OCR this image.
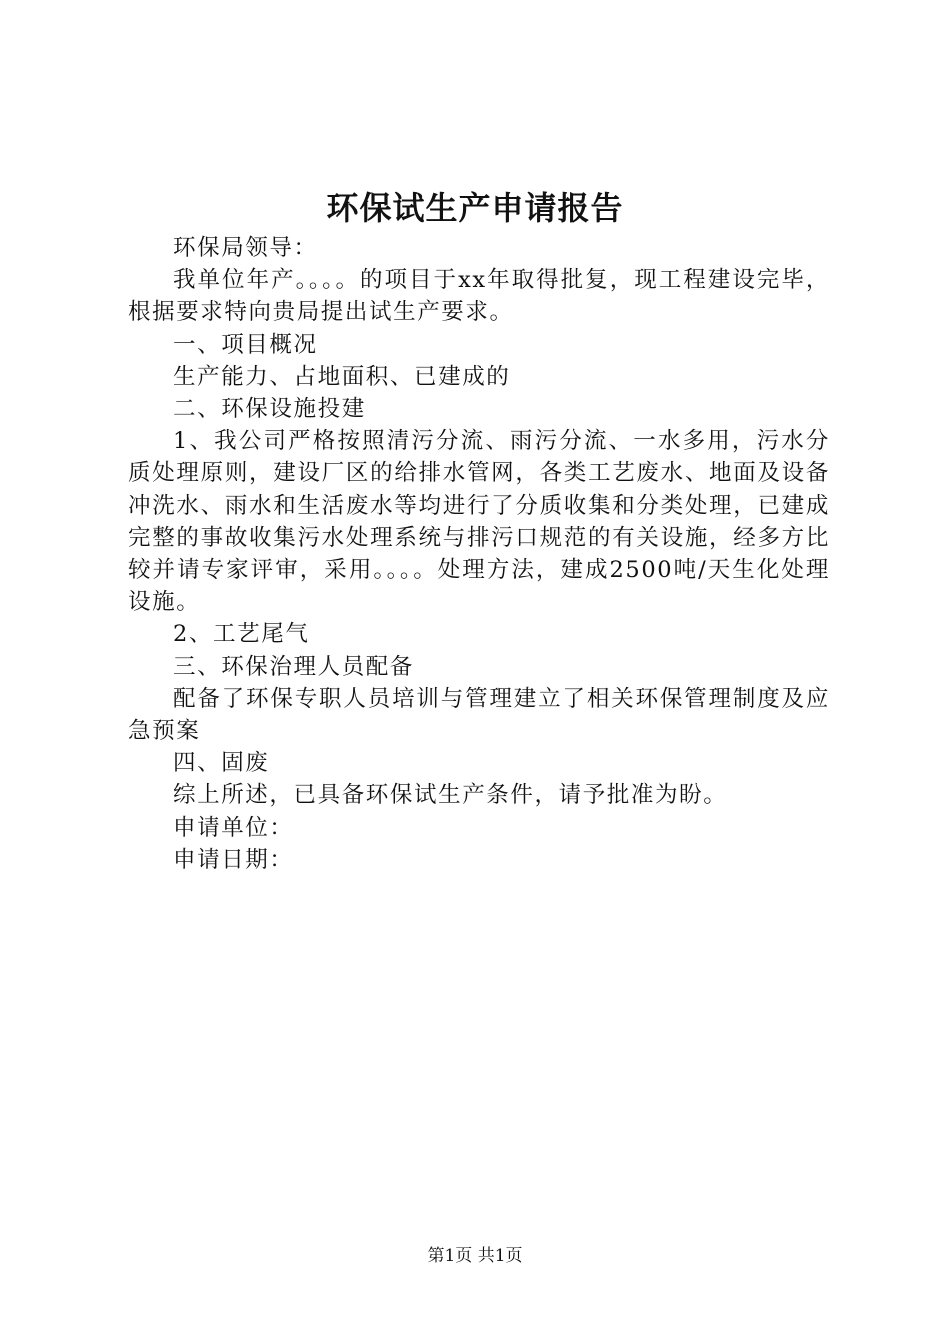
环保试生产申请报告

环保局领导：

我单位年产。。。。的项目于xx年取得批复，现工程建设完毕，根据要求特向贵局提出试生产要求。

一、项目概况

生产能力、占地面积、已建成的

二、环保设施投建

1、我公司严格按照清污分流、雨污分流、一水多用，污水分质处理原则，建设厂区的给排水管网，各类工艺废水、地面及设备冲洗水、雨水和生活废水等均进行了分质收集和分类处理，已建成完整的事故收集污水处理系统与排污口规范的有关设施，经多方比较并请专家评审，采用。。。。处理方法，建成2500吨/天生化处理设施。

2、工艺尾气

三、环保治理人员配备

配备了环保专职人员培训与管理建立了相关环保管理制度及应急预案

四、固废

综上所述，已具备环保试生产条件，请予批准为盼。

申请单位：

申请日期：

第1页 共1页
